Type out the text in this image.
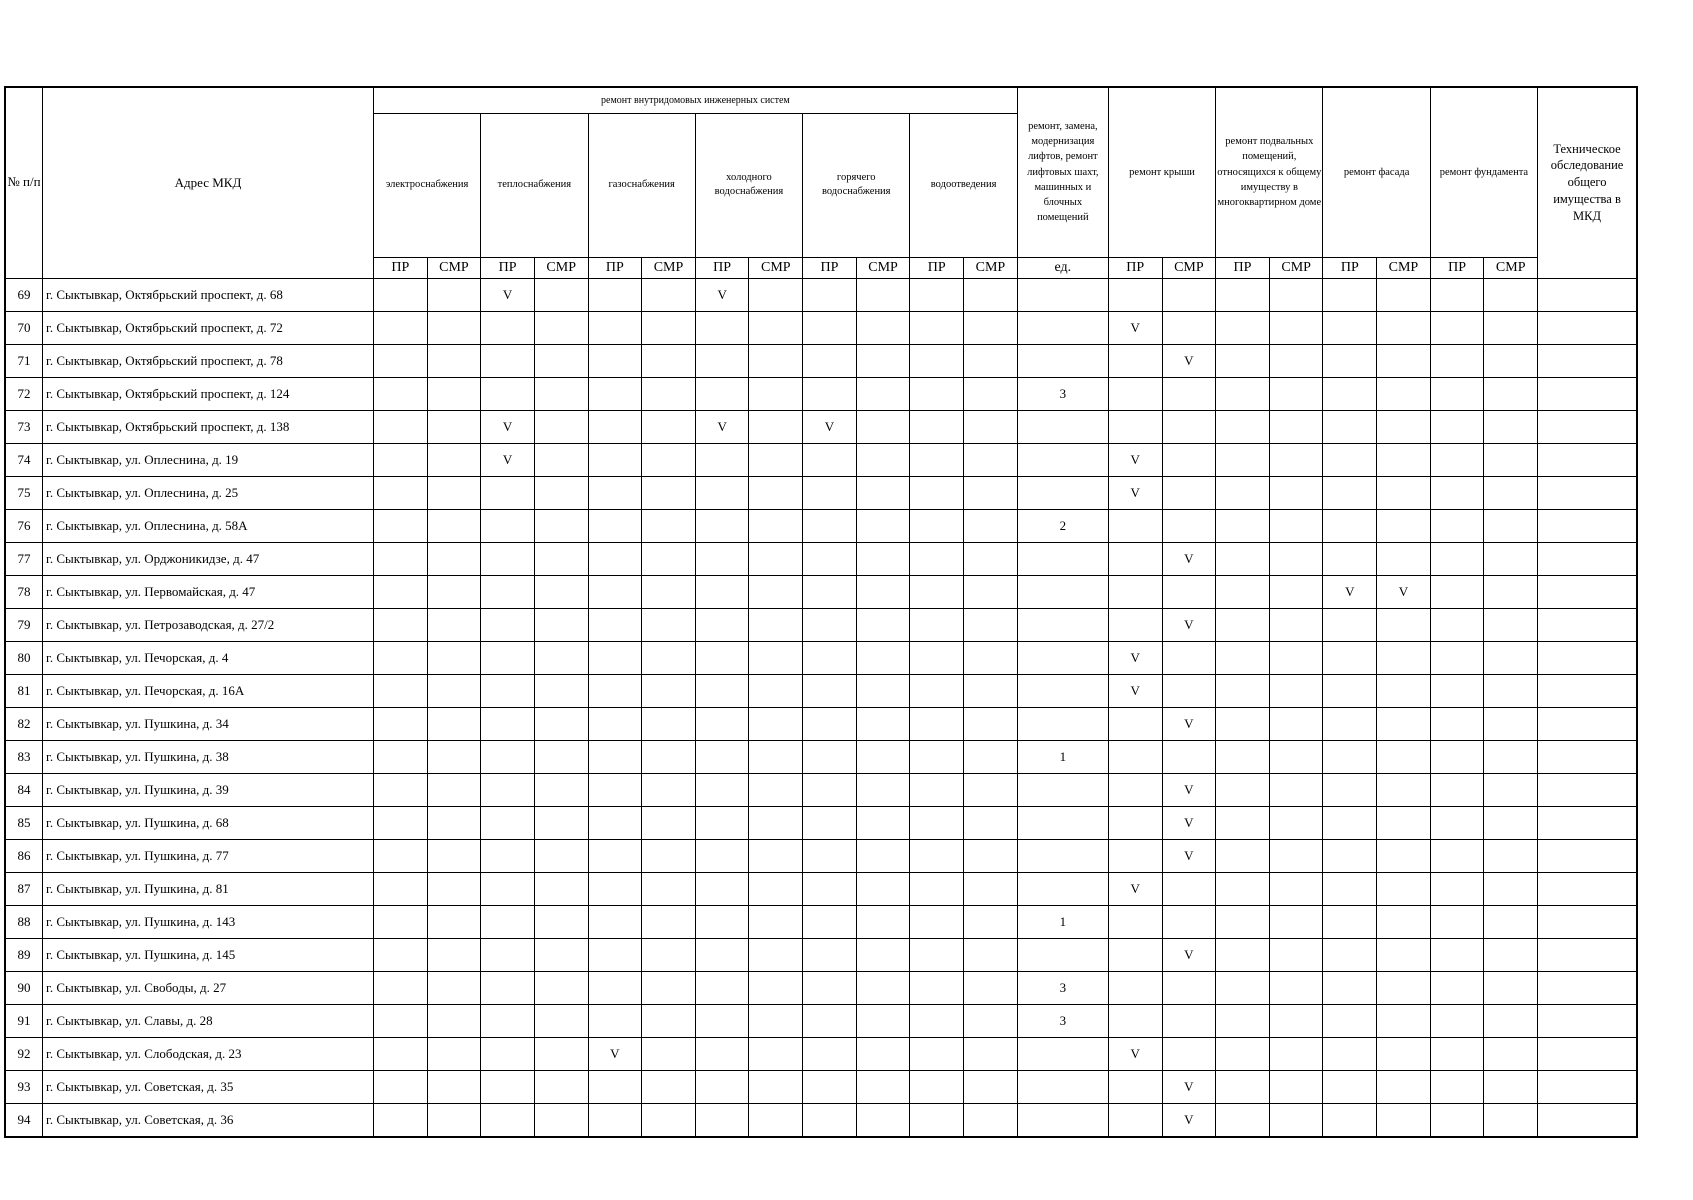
№ п/п	Адрес МКД	ремонт внутридомовых инженерных систем												ремонт, замена, модернизация лифтов, ремонт лифтовых шахт, машинных и блочных помещений	ремонт крыши		ремонт подвальных помещений, относящихся к общему имуществу в многоквартирном доме		ремонт фасада		ремонт фундамента		Техническое обследование общего имущества в МКД
		электроснабжения		теплоснабжения		газоснабжения		холодного водоснабжения		горячего водоснабжения		водоотведения											
		ПР	СМР	ПР	СМР	ПР	СМР	ПР	СМР	ПР	СМР	ПР	СМР	ед.	ПР	СМР	ПР	СМР	ПР	СМР	ПР	СМР	
69	г. Сыктывкар, Октябрьский проспект, д. 68			V				V															
70	г. Сыктывкар, Октябрьский проспект, д. 72														V								
71	г. Сыктывкар, Октябрьский проспект, д. 78															V							
72	г. Сыктывкар, Октябрьский проспект, д. 124													3									
73	г. Сыктывкар, Октябрьский проспект, д. 138			V				V		V													
74	г. Сыктывкар, ул. Оплеснина, д. 19			V											V								
75	г. Сыктывкар, ул. Оплеснина, д. 25														V								
76	г. Сыктывкар, ул. Оплеснина, д. 58А													2									
77	г. Сыктывкар, ул. Орджоникидзе, д. 47															V							
78	г. Сыктывкар, ул. Первомайская, д. 47																		V	V			
79	г. Сыктывкар, ул. Петрозаводская, д. 27/2															V							
80	г. Сыктывкар, ул. Печорская, д. 4														V								
81	г. Сыктывкар, ул. Печорская, д. 16А														V								
82	г. Сыктывкар, ул. Пушкина, д. 34															V							
83	г. Сыктывкар, ул. Пушкина, д. 38													1									
84	г. Сыктывкар, ул. Пушкина, д. 39															V							
85	г. Сыктывкар, ул. Пушкина, д. 68															V							
86	г. Сыктывкар, ул. Пушкина, д. 77															V							
87	г. Сыктывкар, ул. Пушкина, д. 81														V								
88	г. Сыктывкар, ул. Пушкина, д. 143													1									
89	г. Сыктывкар, ул. Пушкина, д. 145															V							
90	г. Сыктывкар, ул. Свободы, д. 27													3									
91	г. Сыктывкар, ул. Славы, д. 28													3									
92	г. Сыктывкар, ул. Слободская, д. 23					V									V								
93	г. Сыктывкар, ул. Советская, д. 35															V							
94	г. Сыктывкар, ул. Советская, д. 36															V							
